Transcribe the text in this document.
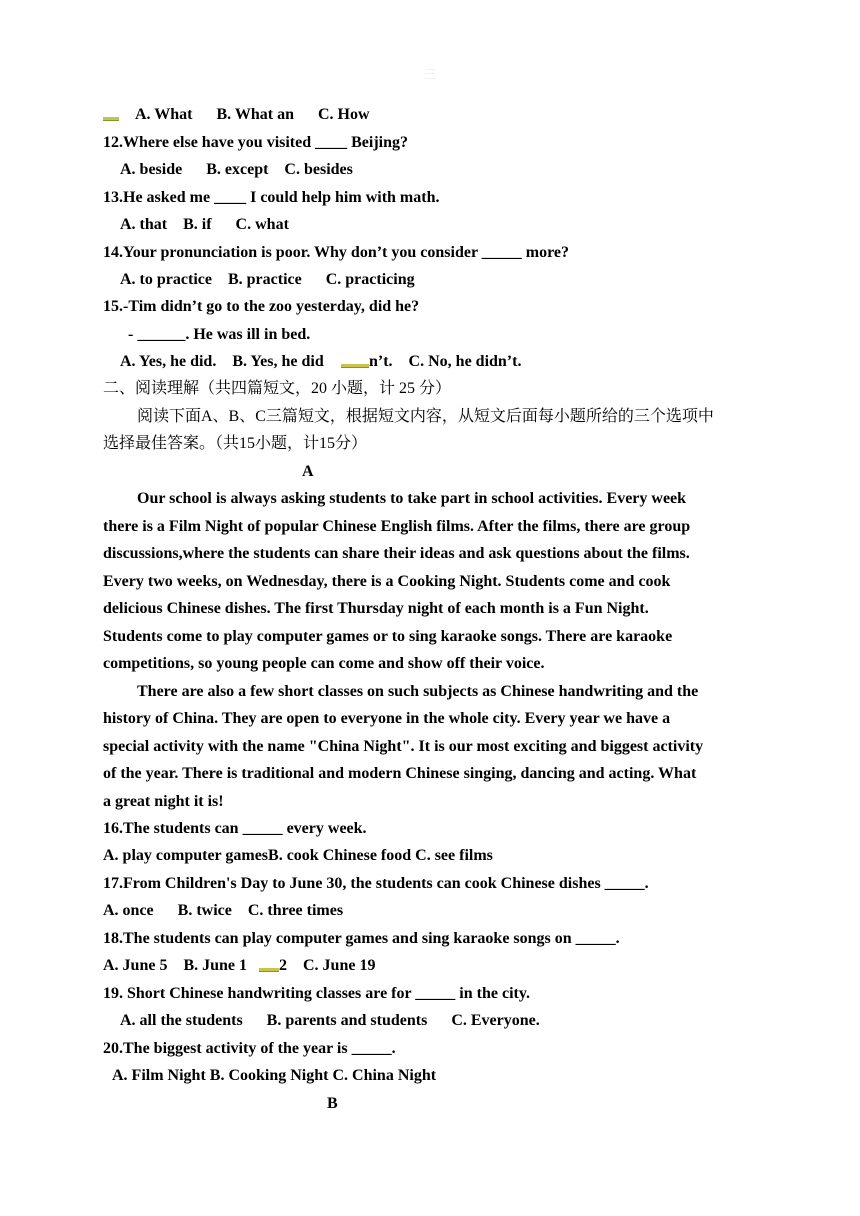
三
A. What      B. What an      C. How
12.Where else have you visited ____ Beijing?
A. beside      B. except    C. besides
13.He asked me ____ I could help him with math.
A. that    B. if      C. what
14.Your pronunciation is poor. Why don’t you consider _____ more?
A. to practice    B. practice      C. practicing
15.-Tim didn’t go to the zoo yesterday, did he?
- ______. He was ill in bed.
A. Yes, he did.    B. Yes, he did	n’t.    C. No, he didn’t.
二、阅读理解（共四篇短文，20 小题，计 25 分）
阅读下面A、B、C三篇短文，根据短文内容，从短文后面每小题所给的三个选项中
选择最佳答案。（共15小题，计15分）
A
Our school is always asking students to take part in school activities. Every week
there is a Film Night of popular Chinese English films. After the films, there are group
discussions,where the students can share their ideas and ask questions about the films.
Every two weeks, on Wednesday, there is a Cooking Night. Students come and cook
delicious Chinese dishes. The first Thursday night of each month is a Fun Night.
Students come to play computer games or to sing karaoke songs. There are karaoke
competitions, so young people can come and show off their voice.
There are also a few short classes on such subjects as Chinese handwriting and the
history of China. They are open to everyone in the whole city. Every year we have a
special activity with the name "China Night". It is our most exciting and biggest activity
of the year. There is traditional and modern Chinese singing, dancing and acting. What
a great night it is!
16.The students can _____ every week.
A. play computer gamesB. cook Chinese food C. see films
17.From Children's Day to June 30, the students can cook Chinese dishes _____.
A. once      B. twice    C. three times
18.The students can play computer games and sing karaoke songs on _____.
A. June 5    B. June 1 2    C. June 19
19. Short Chinese handwriting classes are for _____ in the city.
A. all the students      B. parents and students      C. Everyone.
20.The biggest activity of the year is _____.
A. Film Night B. Cooking Night C. China Night
B
